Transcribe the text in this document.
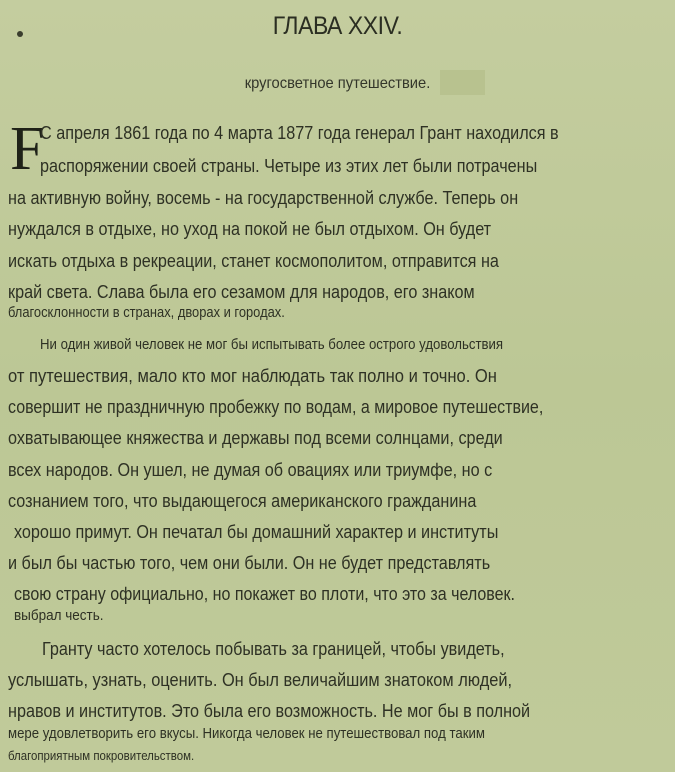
ГЛАВА XXIV.
кругосветное путешествие.
F
С апреля 1861 года по 4 марта 1877 года генерал Грант находился в
распоряжении своей страны. Четыре из этих лет были потрачены
на активную войну, восемь - на государственной службе. Теперь он
нуждался в отдыхе, но уход на покой не был отдыхом. Он будет
искать отдыха в рекреации, станет космополитом, отправится на
край света. Слава была его сезамом для народов, его знаком
благосклонности в странах, дворах и городах.
Ни один живой человек не мог бы испытывать более острого удовольствия
от путешествия, мало кто мог наблюдать так полно и точно. Он
совершит не праздничную пробежку по водам, а мировое путешествие,
охватывающее княжества и державы под всеми солнцами, среди
всех народов. Он ушел, не думая об овациях или триумфе, но с
сознанием того, что выдающегося американского гражданина
хорошо примут. Он печатал бы домашний характер и институты
и был бы частью того, чем они были. Он не будет представлять
свою страну официально, но покажет во плоти, что это за человек.
выбрал честь.
Гранту часто хотелось побывать за границей, чтобы увидеть,
услышать, узнать, оценить. Он был величайшим знатоком людей,
нравов и институтов. Это была его возможность. Не мог бы в полной
мере удовлетворить его вкусы. Никогда человек не путешествовал под таким
благоприятным покровительством.
